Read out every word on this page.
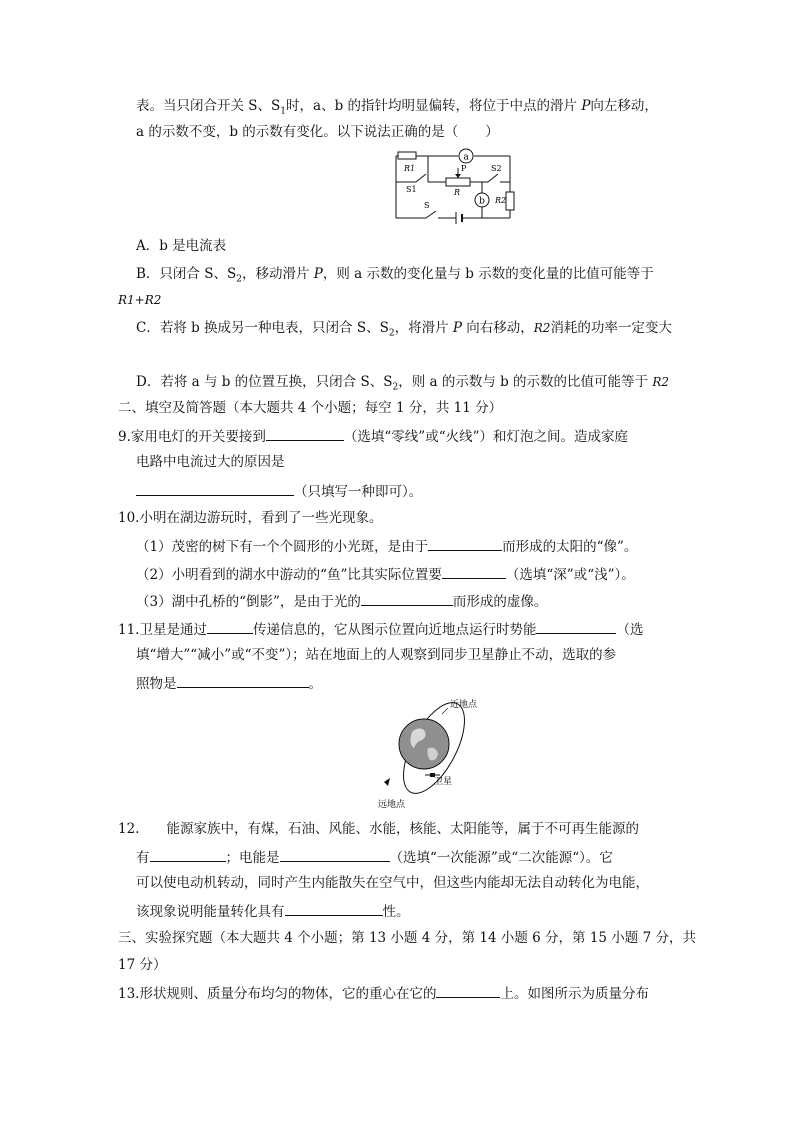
表。当只闭合开关 S、$S_1$时，a、b 的指针均明显偏转，将位于中点的滑片 P向左移动，
a 的示数不变，b 的示数有变化。以下说法正确的是（　　）
a
b
R1
S1
P
R
S2
R2
S
A．b 是电流表
B．只闭合 S、$S_2$，移动滑片 P，则 a 示数的变化量与 b 示数的变化量的比值可能等于
R1+R2
C．若将 b 换成另一种电表，只闭合 S、$S_2$，将滑片 P 向右移动，R2消耗的功率一定变大
D．若将 a 与 b 的位置互换，只闭合 S、$S_2$，则 a 的示数与 b 的示数的比值可能等于 R2
二、填空及简答题（本大题共 4 个小题；每空 1 分，共 11 分）
9.家用电灯的开关要接到	（选填“零线”或“火线”）和灯泡之间。造成家庭
电路中电流过大的原因是
（只填写一种即可）。
10.小明在湖边游玩时，看到了一些光现象。
（1）茂密的树下有一个个圆形的小光斑，是由于	而形成的太阳的“像”。
（2）小明看到的湖水中游动的“鱼”比其实际位置要	（选填“深”或“浅”）。
（3）湖中孔桥的“倒影”，是由于光的	而形成的虚像。
11.卫星是通过	传递信息的，它从图示位置向近地点运行时势能	（选
填“增大”“减小”或“不变”）；站在地面上的人观察到同步卫星静止不动，选取的参
照物是	。
近地点
卫星
远地点
12.　　能源家族中，有煤，石油、风能、水能，核能、太阳能等，属于不可再生能源的
有	；电能是	（选填“一次能源”或“二次能源“）。它
可以使电动机转动，同时产生内能散失在空气中，但这些内能却无法自动转化为电能，
该现象说明能量转化具有	性。
三、实验探究题（本大题共 4 个小题；第 13 小题 4 分，第 14 小题 6 分，第 15 小题 7 分，共
17 分）
13.形状规则、质量分布均匀的物体，它的重心在它的	上。如图所示为质量分布
